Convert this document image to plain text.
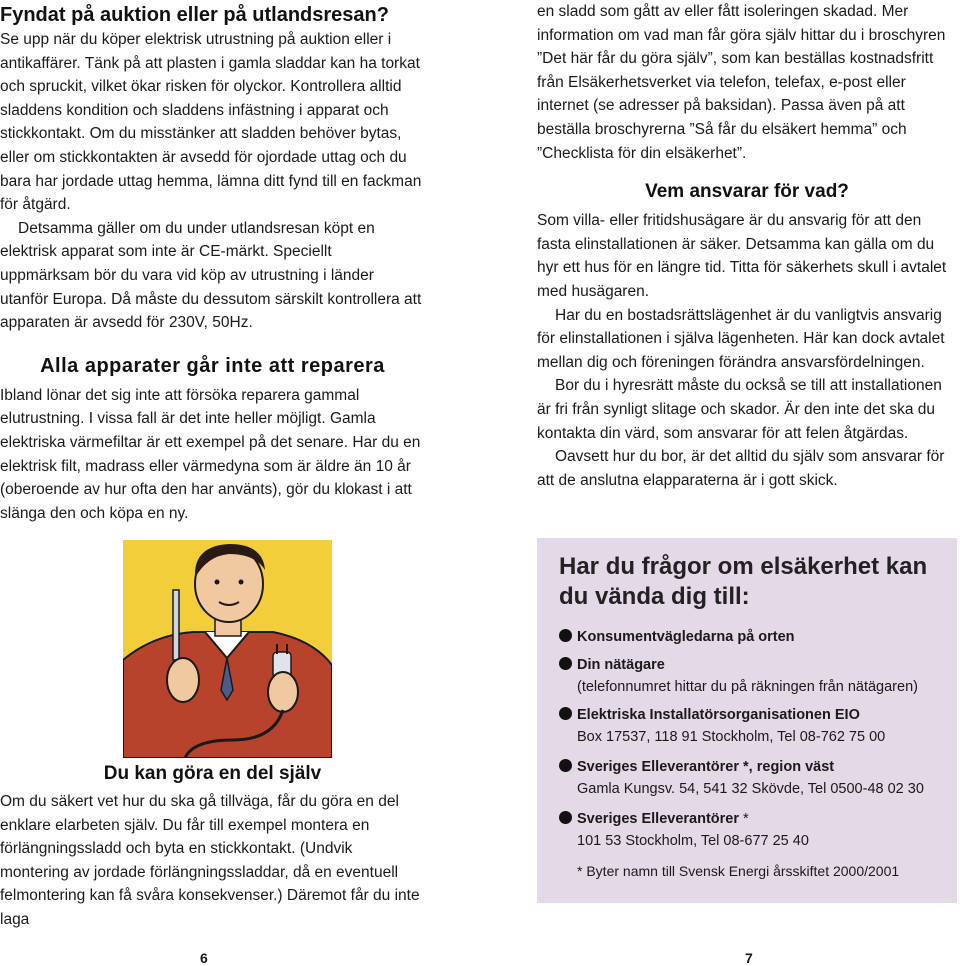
Fyndat på auktion eller på utlandsresan?

Se upp när du köper elektrisk utrustning på auktion eller i antikaffärer. Tänk på att plasten i gamla sladdar kan ha torkat och spruckit, vilket ökar risken för olyckor. Kontrollera alltid sladdens kondition och sladdens infästning i apparat och stickkontakt. Om du misstänker att sladden behöver bytas, eller om stickkontakten är avsedd för ojordade uttag och du bara har jordade uttag hemma, lämna ditt fynd till en fackman för åtgärd.

Detsamma gäller om du under utlandsresan köpt en elektrisk apparat som inte är CE-märkt. Speciellt uppmärksam bör du vara vid köp av utrustning i länder utanför Europa. Då måste du dessutom särskilt kontrollera att apparaten är avsedd för 230V, 50Hz.

Alla apparater går inte att reparera

Ibland lönar det sig inte att försöka reparera gammal elutrustning. I vissa fall är det inte heller möjligt. Gamla elektriska värmefiltar är ett exempel på det senare. Har du en elektrisk filt, madrass eller värmedyna som är äldre än 10 år (oberoende av hur ofta den har använts), gör du klokast i att slänga den och köpa en ny.

Du kan göra en del själv

Om du säkert vet hur du ska gå tillväga, får du göra en del enklare elarbeten själv. Du får till exempel montera en förlängningssladd och byta en stickkontakt. (Undvik montering av jordade förlängningssladdar, då en eventuell felmontering kan få svåra konsekvenser.) Däremot får du inte laga

en sladd som gått av eller fått isoleringen skadad. Mer information om vad man får göra själv hittar du i broschyren ”Det här får du göra själv”, som kan beställas kostnadsfritt från Elsäkerhetsverket via telefon, telefax, e-post eller internet (se adresser på baksidan). Passa även på att beställa broschyrerna ”Så får du elsäkert hemma” och ”Checklista för din elsäkerhet”.

Vem ansvarar för vad?

Som villa- eller fritidshusägare är du ansvarig för att den fasta elinstallationen är säker. Detsamma kan gälla om du hyr ett hus för en längre tid. Titta för säkerhets skull i avtalet med husägaren.

Har du en bostadsrättslägenhet är du vanligtvis ansvarig för elinstallationen i själva lägenheten. Här kan dock avtalet mellan dig och föreningen förändra ansvarsfördelningen.

Bor du i hyresrätt måste du också se till att installationen är fri från synligt slitage och skador. Är den inte det ska du kontakta din värd, som ansvarar för att felen åtgärdas.

Oavsett hur du bor, är det alltid du själv som ansvarar för att de anslutna elapparaterna är i gott skick.

Har du frågor om elsäkerhet kan du vända dig till:
Konsumentvägledarna på orten
Din nätägare
(telefonnumret hittar du på räkningen från nätägaren)
Elektriska Installatörsorganisationen EIO
Box 17537, 118 91 Stockholm, Tel 08-762 75 00
Sveriges Elleverantörer *, region väst
Gamla Kungsv. 54, 541 32 Skövde, Tel 0500-48 02 30
Sveriges Elleverantörer *
101 53 Stockholm, Tel 08-677 25 40
* Byter namn till Svensk Energi årsskiftet 2000/2001
6	7
